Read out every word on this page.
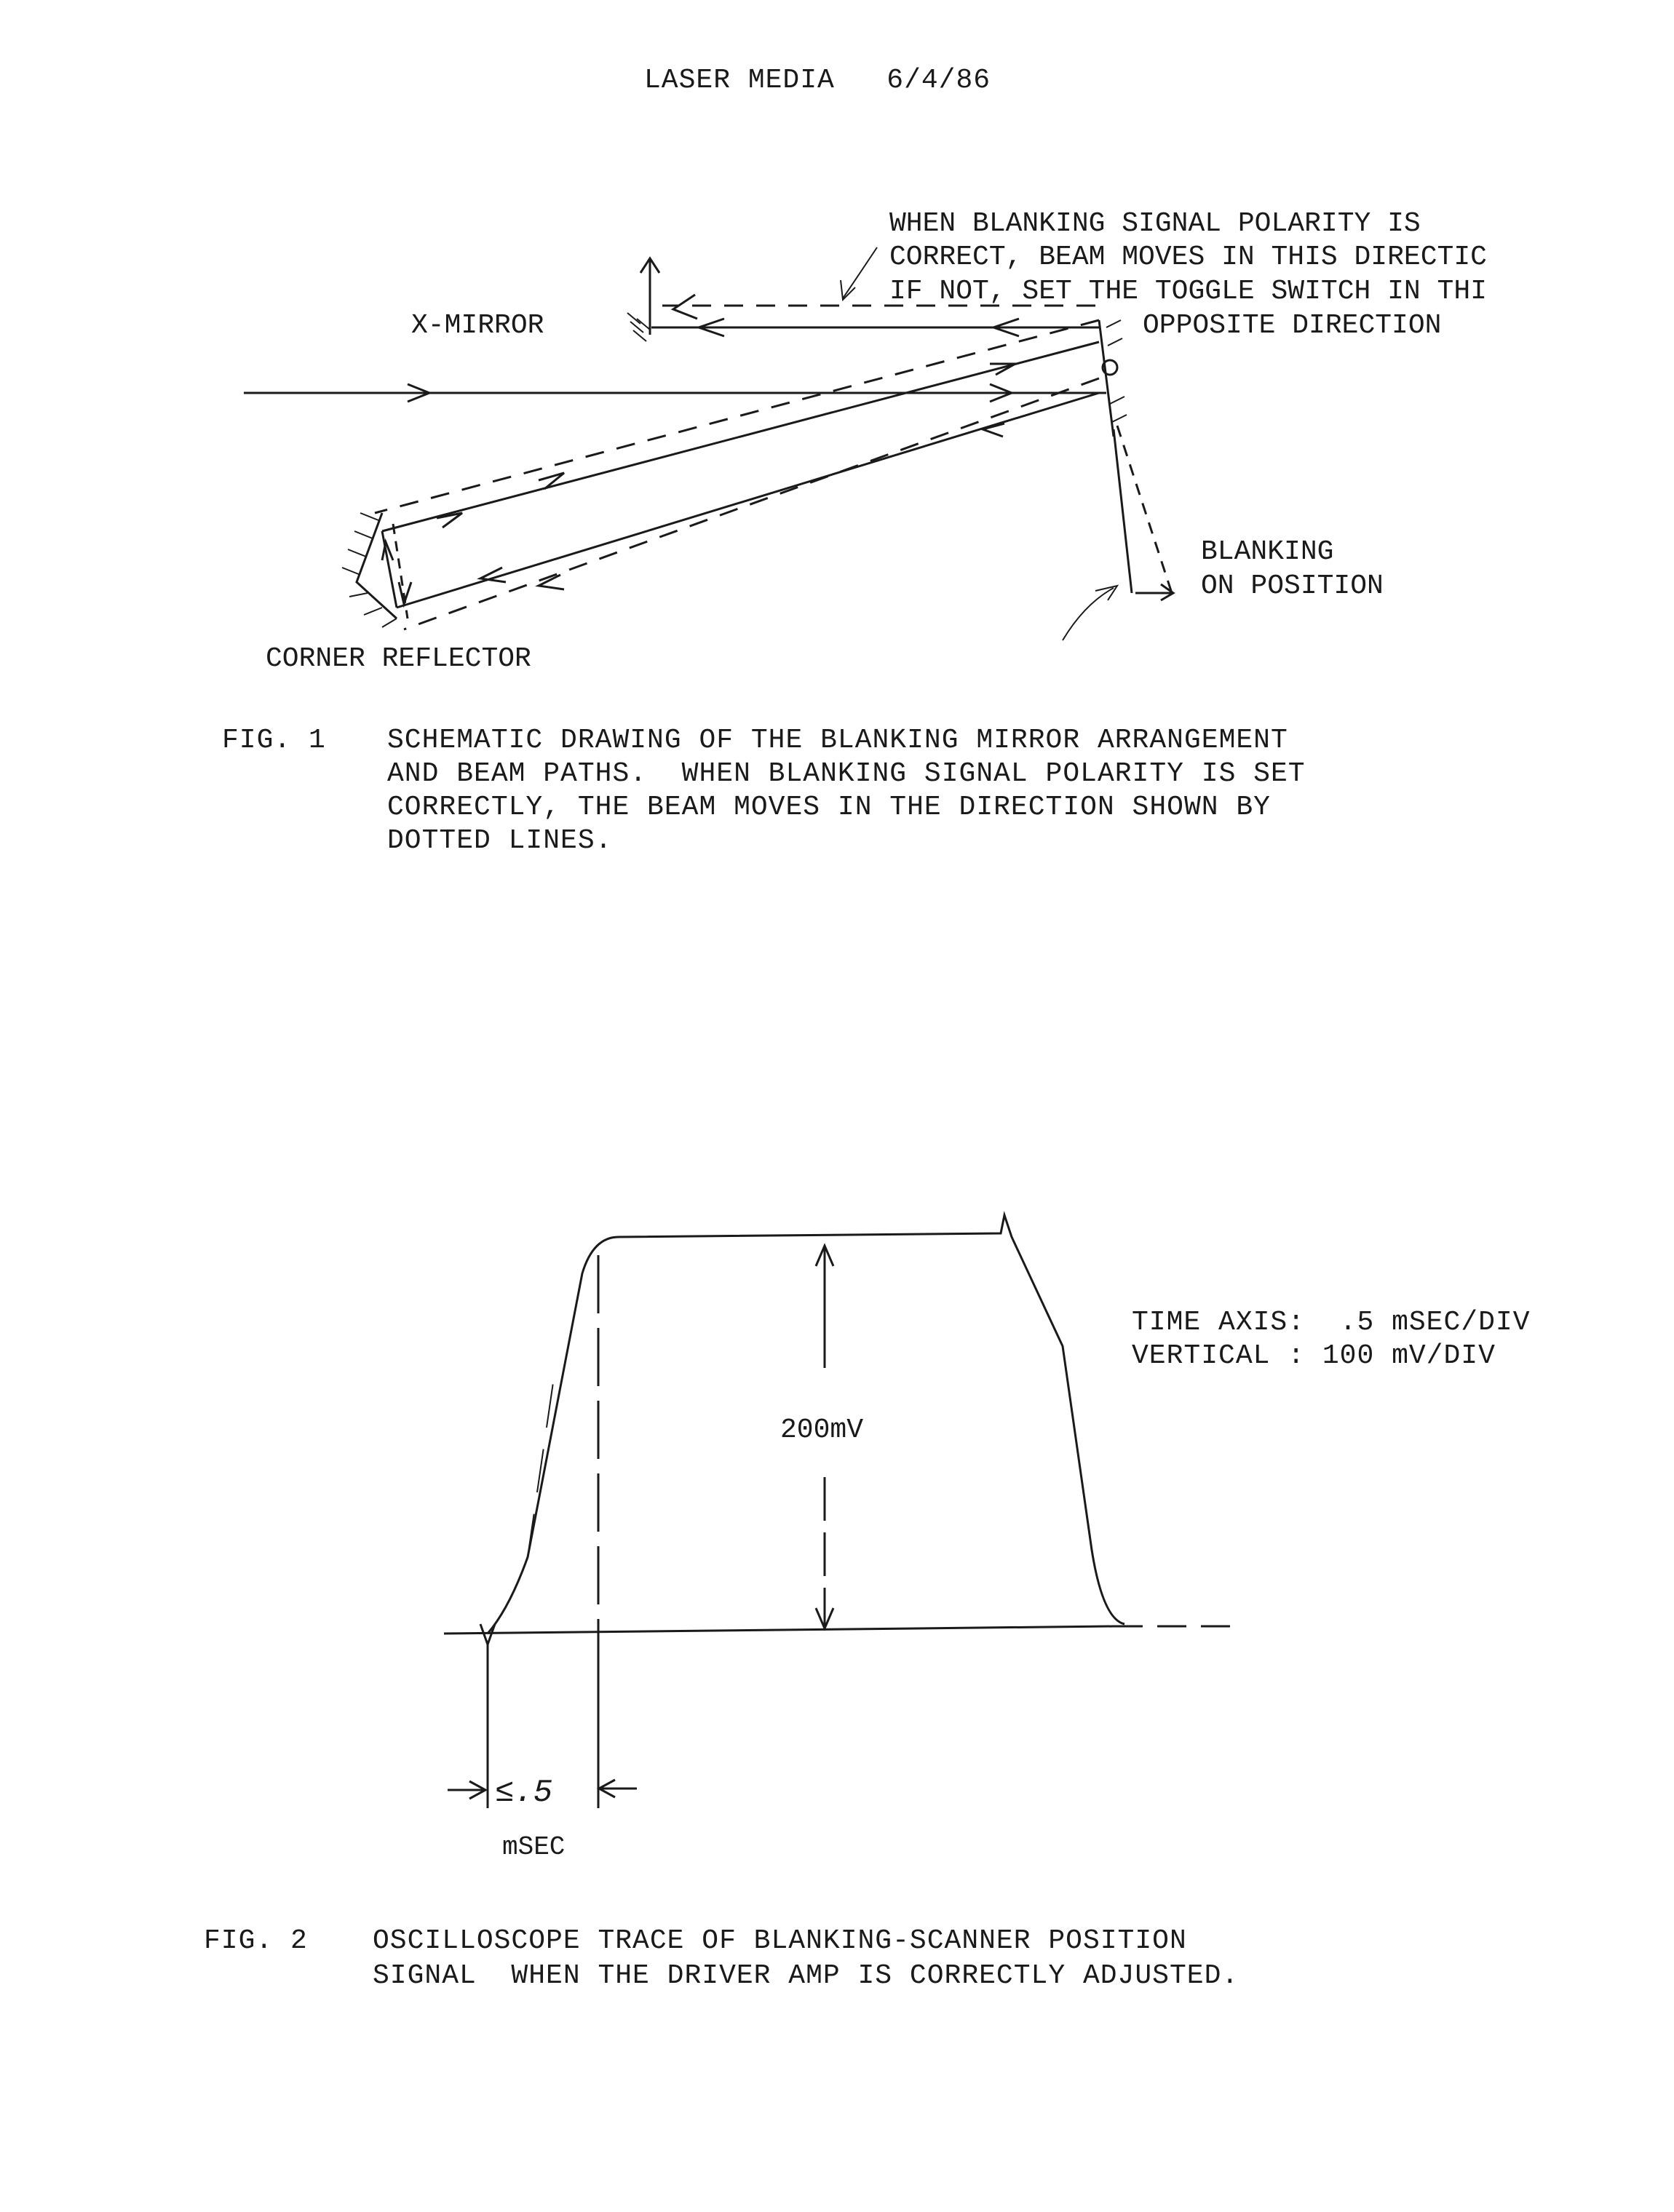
LASER MEDIA 6/4/86
X-MIRROR
CORNER REFLECTOR
BLANKING
ON POSITION
WHEN BLANKING SIGNAL POLARITY IS
CORRECT, BEAM MOVES IN THIS DIRECTIC
IF NOT, SET THE TOGGLE SWITCH IN THI
OPPOSITE DIRECTION
FIG. 1 SCHEMATIC DRAWING OF THE BLANKING MIRROR ARRANGEMENT
AND BEAM PATHS.  WHEN BLANKING SIGNAL POLARITY IS SET
CORRECTLY, THE BEAM MOVES IN THE DIRECTION SHOWN BY
DOTTED LINES.
200mV
≤.5
mSEC
TIME AXIS: .5 mSEC/DIV
VERTICAL : 100 mV/DIV
FIG. 2 OSCILLOSCOPE TRACE OF BLANKING-SCANNER POSITION
SIGNAL  WHEN THE DRIVER AMP IS CORRECTLY ADJUSTED.
